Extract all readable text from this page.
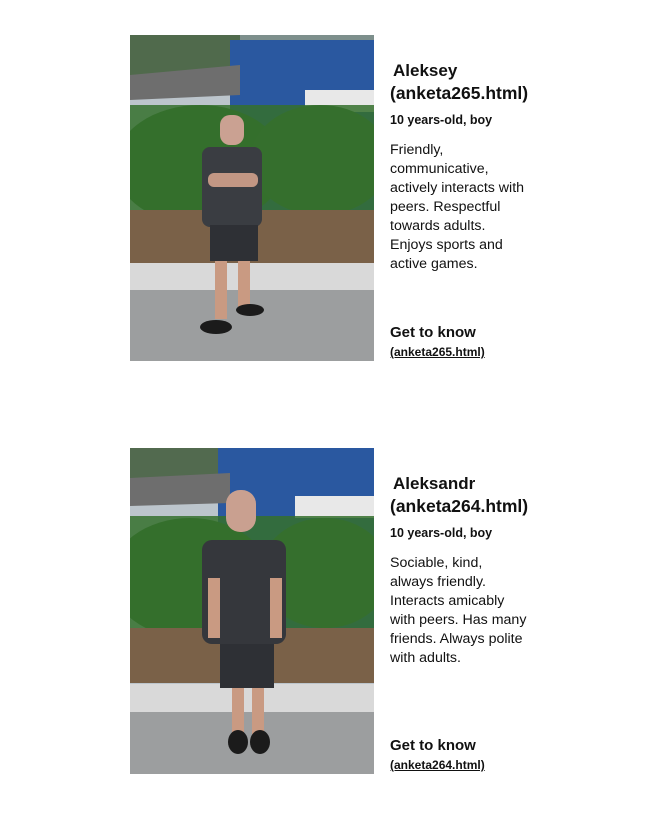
Aleksey
(anketa265.html)
10 years-old, boy
Friendly,
communicative,
actively interacts with
peers. Respectful
towards adults.
Enjoys sports and
active games.
Get to know
(anketa265.html)
Aleksandr
(anketa264.html)
10 years-old, boy
Sociable, kind,
always friendly.
Interacts amicably
with peers. Has many
friends. Always polite
with adults.
Get to know
(anketa264.html)
